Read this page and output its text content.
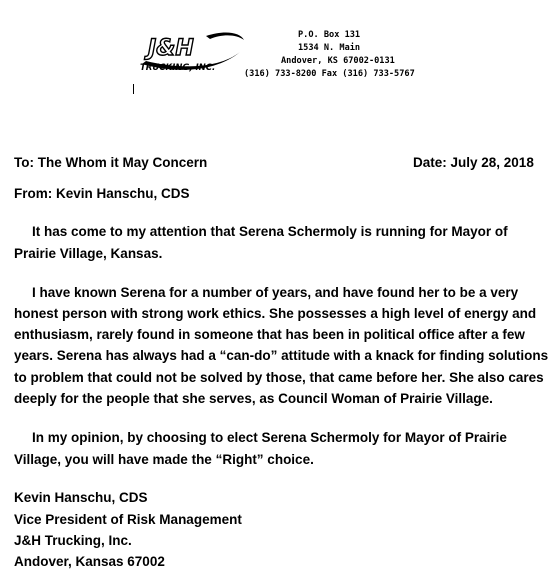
J&H
TRUCKING, INC.
P.O. Box 131
1534 N. Main
Andover, KS 67002-0131
(316) 733-8200 Fax (316) 733-5767
To: The Whom it May Concern	Date: July 28, 2018
From: Kevin Hanschu, CDS
It has come to my attention that Serena Schermoly is running for Mayor of
Prairie Village, Kansas.
I have known Serena for a number of years, and have found her to be a very
honest person with strong work ethics. She possesses a high level of energy and
enthusiasm, rarely found in someone that has been in political office after a few
years. Serena has always had a “can-do” attitude with a knack for finding solutions
to problem that could not be solved by those, that came before her. She also cares
deeply for the people that she serves, as Council Woman of Prairie Village.
In my opinion, by choosing to elect Serena Schermoly for Mayor of Prairie
Village, you will have made the “Right” choice.
Kevin Hanschu, CDS
Vice President of Risk Management
J&H Trucking, Inc.
Andover, Kansas 67002
